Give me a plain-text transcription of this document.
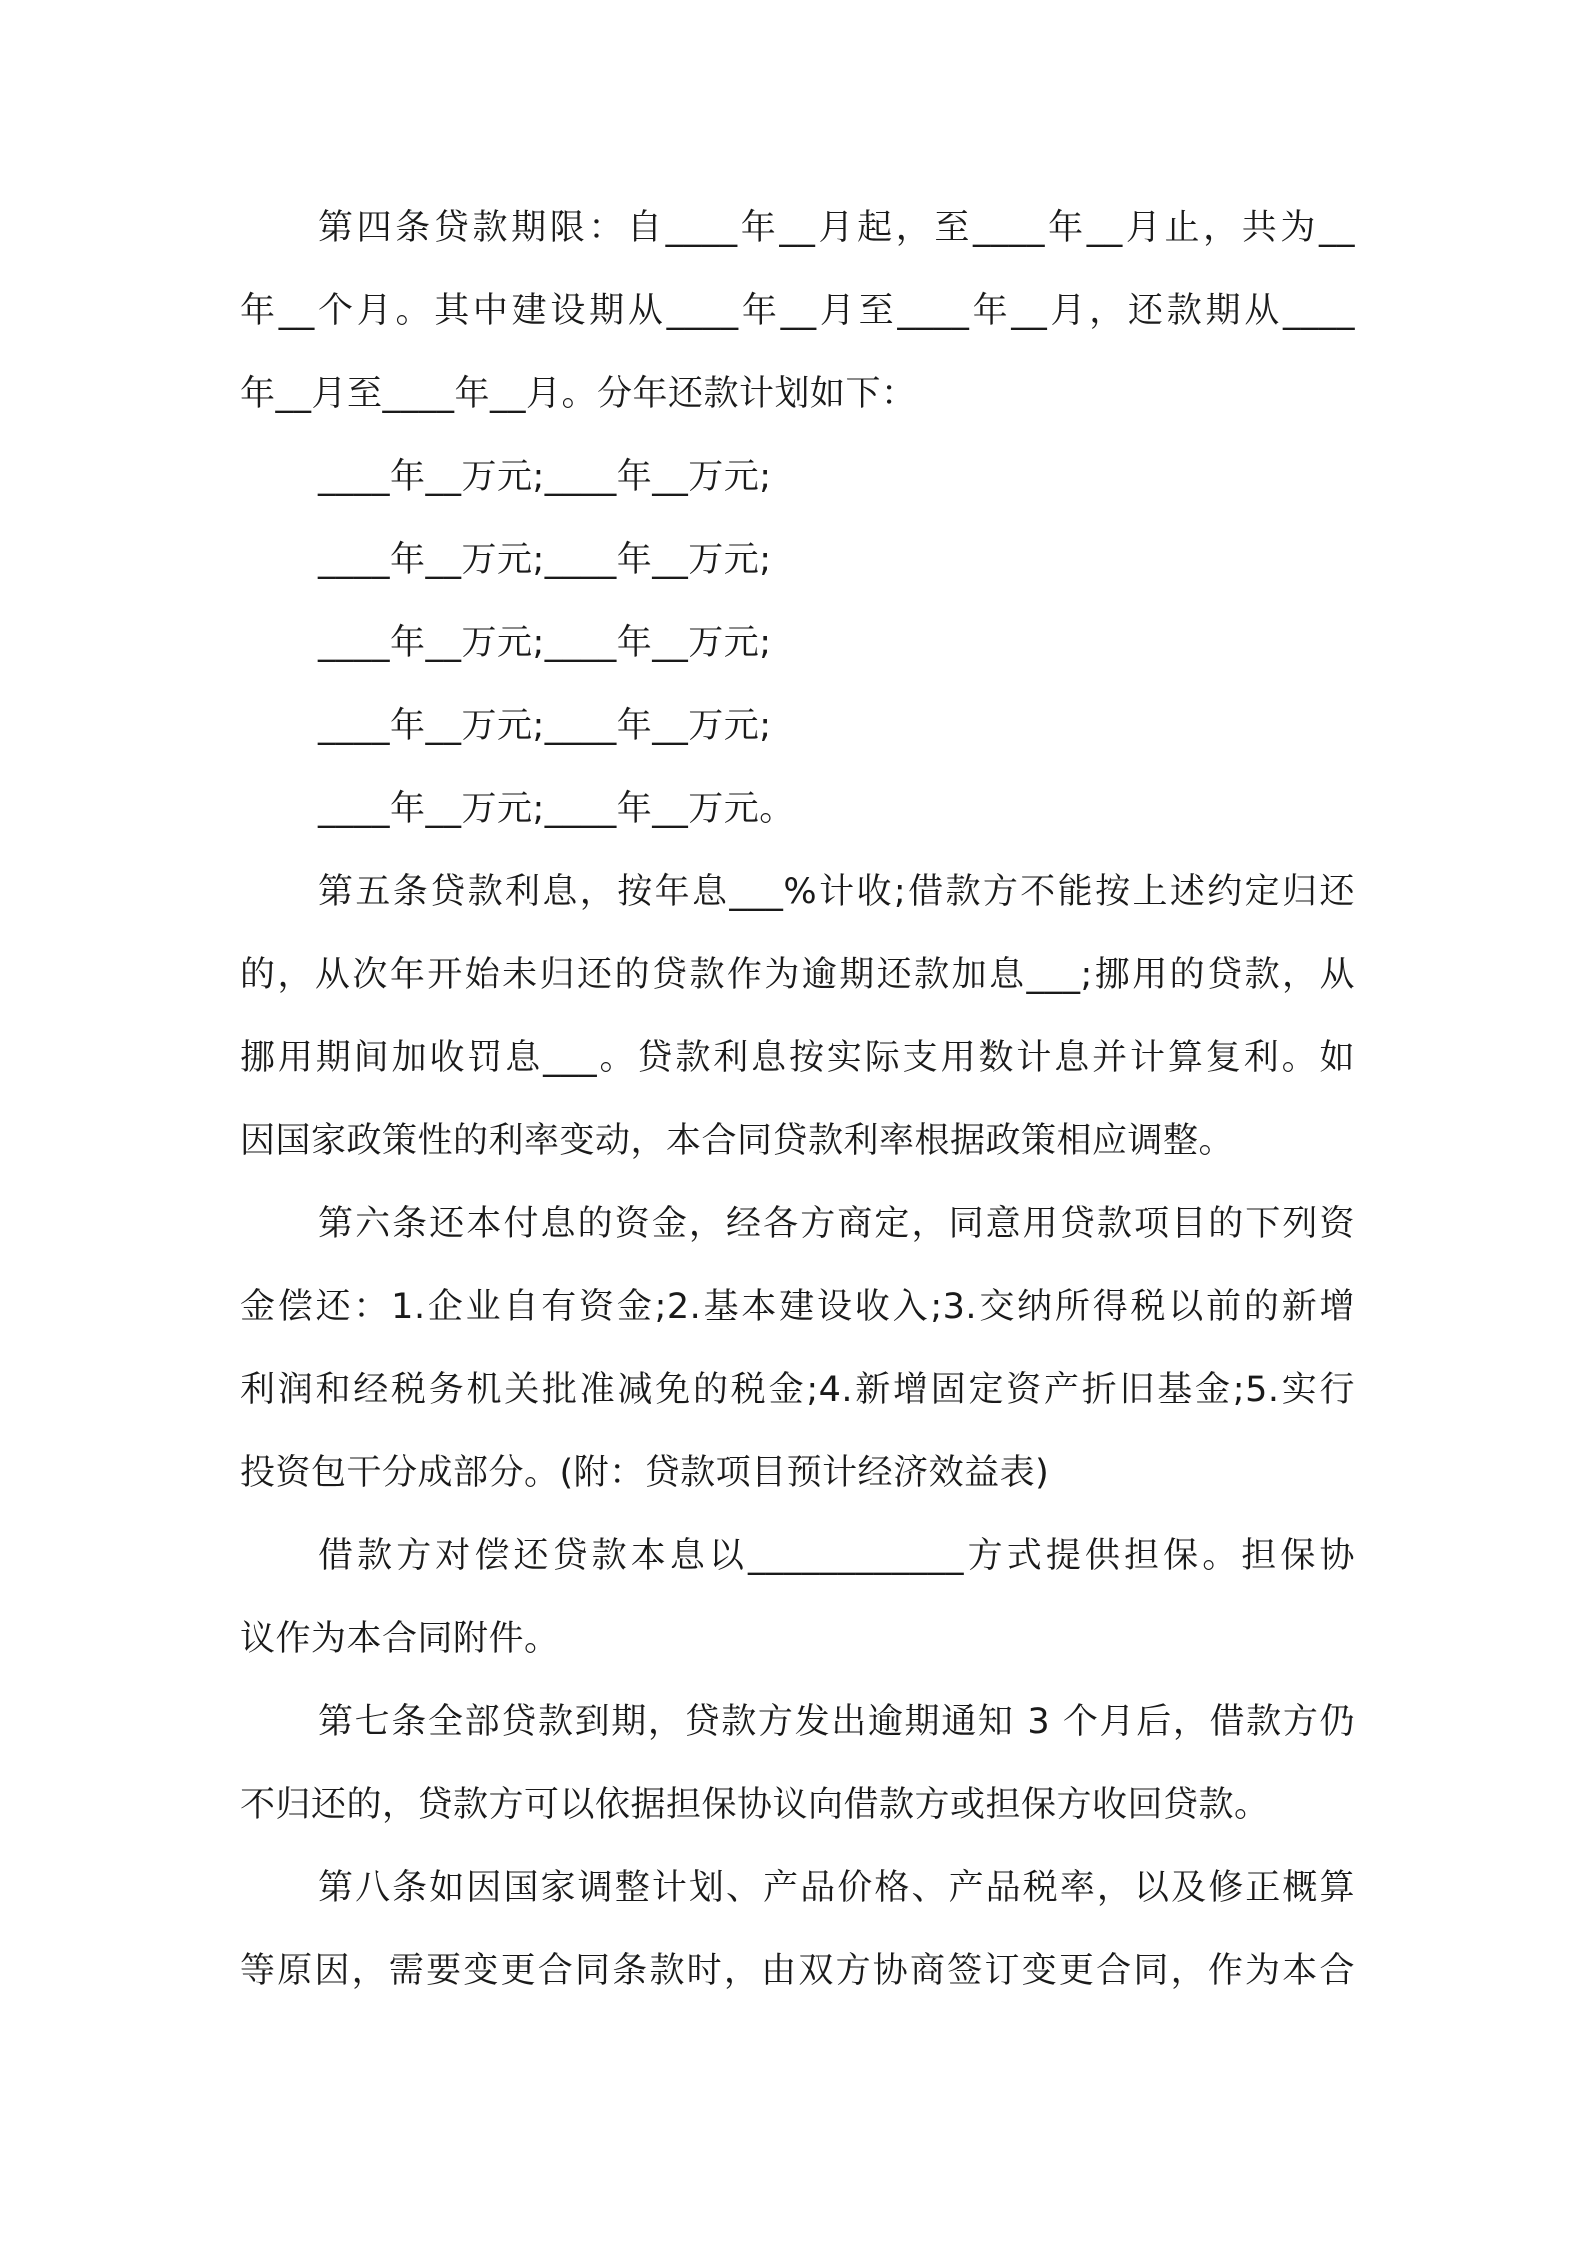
第四条贷款期限：自____年__月起，至____年__月止，共为__
年__个月。其中建设期从____年__月至____年__月，还款期从____
年__月至____年__月。分年还款计划如下：
____年__万元;____年__万元;
____年__万元;____年__万元;
____年__万元;____年__万元;
____年__万元;____年__万元;
____年__万元;____年__万元。
第五条贷款利息，按年息___%计收;借款方不能按上述约定归还
的，从次年开始未归还的贷款作为逾期还款加息___;挪用的贷款，从
挪用期间加收罚息___。贷款利息按实际支用数计息并计算复利。如
因国家政策性的利率变动，本合同贷款利率根据政策相应调整。
第六条还本付息的资金，经各方商定，同意用贷款项目的下列资
金偿还：1.企业自有资金;2.基本建设收入;3.交纳所得税以前的新增
利润和经税务机关批准减免的税金;4.新增固定资产折旧基金;5.实行
投资包干分成部分。(附：贷款项目预计经济效益表)
借款方对偿还贷款本息以____________方式提供担保。担保协
议作为本合同附件。
第七条全部贷款到期，贷款方发出逾期通知 3 个月后，借款方仍
不归还的，贷款方可以依据担保协议向借款方或担保方收回贷款。
第八条如因国家调整计划、产品价格、产品税率，以及修正概算
等原因，需要变更合同条款时，由双方协商签订变更合同，作为本合
